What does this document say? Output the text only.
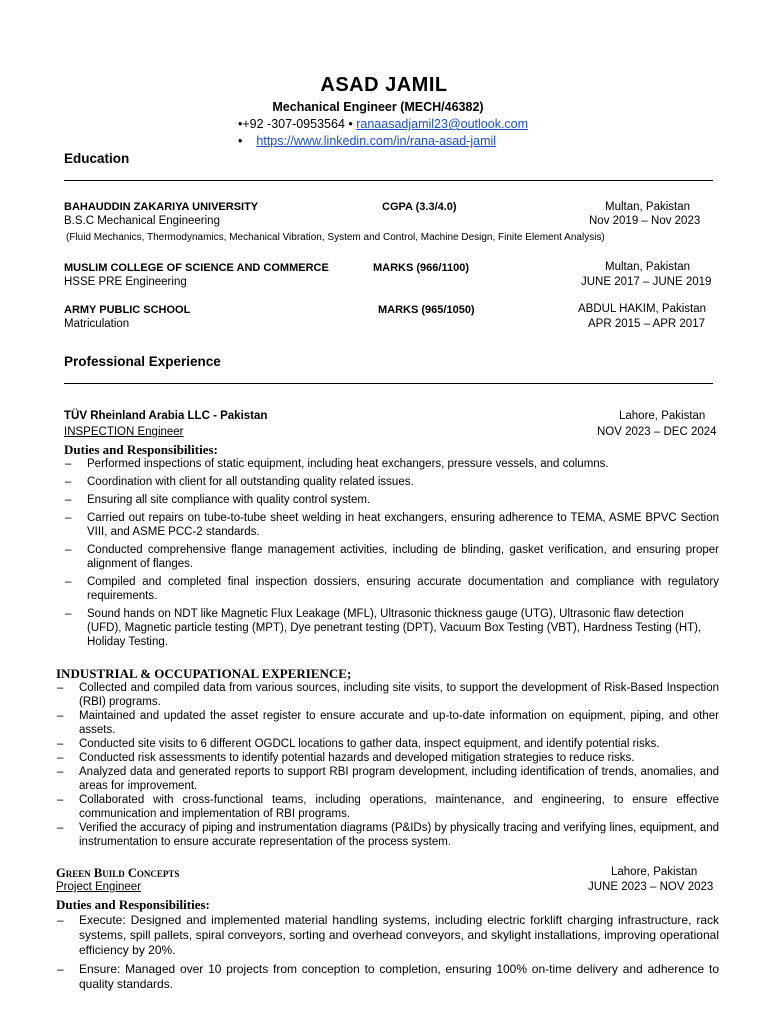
ASAD JAMIL
Mechanical Engineer (MECH/46382)
•+92 -307-0953564 • ranaasadjamil23@outlook.com
• https://www.linkedin.com/in/rana-asad-jamil
Education
BAHAUDDIN ZAKARIYA UNIVERSITY	CGPA (3.3/4.0)	Multan, Pakistan
B.S.C Mechanical Engineering	Nov 2019 – Nov 2023
(Fluid Mechanics, Thermodynamics, Mechanical Vibration, System and Control, Machine Design, Finite Element Analysis)
MUSLIM COLLEGE OF SCIENCE AND COMMERCE	MARKS (966/1100)	Multan, Pakistan
HSSE PRE Engineering	JUNE 2017 – JUNE 2019
ARMY PUBLIC SCHOOL	MARKS (965/1050)	ABDUL HAKIM, Pakistan
Matriculation	APR 2015 – APR 2017
Professional Experience
TÜV Rheinland Arabia LLC - Pakistan	Lahore, Pakistan
INSPECTION Engineer	NOV 2023 – DEC 2024
Duties and Responsibilities:
– Performed inspections of static equipment, including heat exchangers, pressure vessels, and columns.
– Coordination with client for all outstanding quality related issues.
– Ensuring all site compliance with quality control system.
– Carried out repairs on tube-to-tube sheet welding in heat exchangers, ensuring adherence to TEMA, ASME BPVC Section VIII, and ASME PCC-2 standards.
– Conducted comprehensive flange management activities, including de blinding, gasket verification, and ensuring proper alignment of flanges.
– Compiled and completed final inspection dossiers, ensuring accurate documentation and compliance with regulatory requirements.
– Sound hands on NDT like Magnetic Flux Leakage (MFL), Ultrasonic thickness gauge (UTG), Ultrasonic flaw detection (UFD), Magnetic particle testing (MPT), Dye penetrant testing (DPT), Vacuum Box Testing (VBT), Hardness Testing (HT), Holiday Testing.
INDUSTRIAL & OCCUPATIONAL EXPERIENCE;
– Collected and compiled data from various sources, including site visits, to support the development of Risk-Based Inspection (RBI) programs.
– Maintained and updated the asset register to ensure accurate and up-to-date information on equipment, piping, and other assets.
– Conducted site visits to 6 different OGDCL locations to gather data, inspect equipment, and identify potential risks.
– Conducted risk assessments to identify potential hazards and developed mitigation strategies to reduce risks.
– Analyzed data and generated reports to support RBI program development, including identification of trends, anomalies, and areas for improvement.
– Collaborated with cross-functional teams, including operations, maintenance, and engineering, to ensure effective communication and implementation of RBI programs.
– Verified the accuracy of piping and instrumentation diagrams (P&IDs) by physically tracing and verifying lines, equipment, and instrumentation to ensure accurate representation of the process system.
Green Build Concepts	Lahore, Pakistan
Project Engineer	JUNE 2023 – NOV 2023
Duties and Responsibilities:
– Execute: Designed and implemented material handling systems, including electric forklift charging infrastructure, rack systems, spill pallets, spiral conveyors, sorting and overhead conveyors, and skylight installations, improving operational efficiency by 20%.
– Ensure: Managed over 10 projects from conception to completion, ensuring 100% on-time delivery and adherence to quality standards.
